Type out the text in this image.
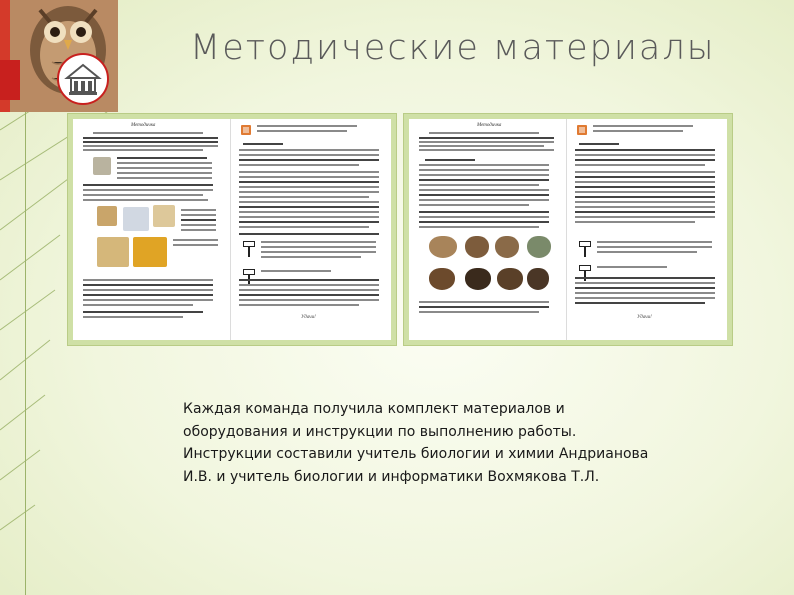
Методические материалы
Методичка
Удачи!
Методичка
Удачи!
Каждая команда получила комплект материалов и
оборудования и инструкции по выполнению работы.
Инструкции составили учитель биологии и химии Андрианова
И.В. и учитель биологии и информатики Вохмякова Т.Л.
